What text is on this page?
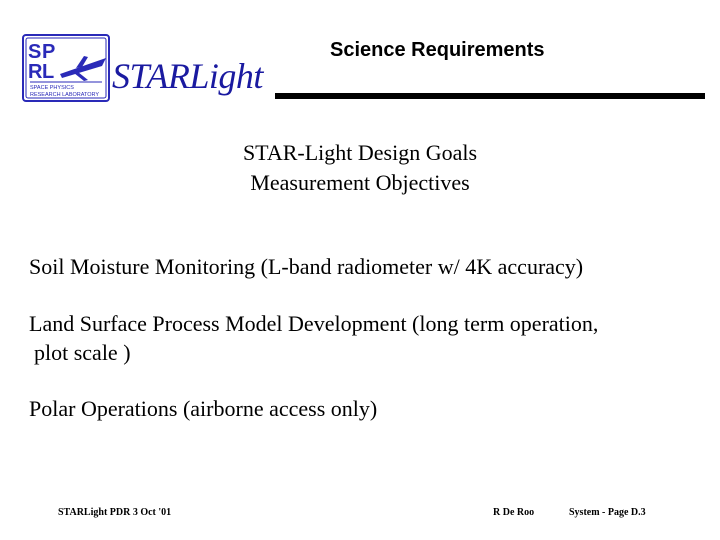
S P
R L
SPACE PHYSICS
RESEARCH LABORATORY STARLight
Science Requirements
STAR-Light Design Goals
Measurement Objectives
Soil Moisture Monitoring (L-band radiometer w/ 4K accuracy)
Land Surface Process Model Development (long term operation,
plot scale )
Polar Operations (airborne access only)
STARLight PDR 3 Oct '01	R De Roo	System - Page D.3
